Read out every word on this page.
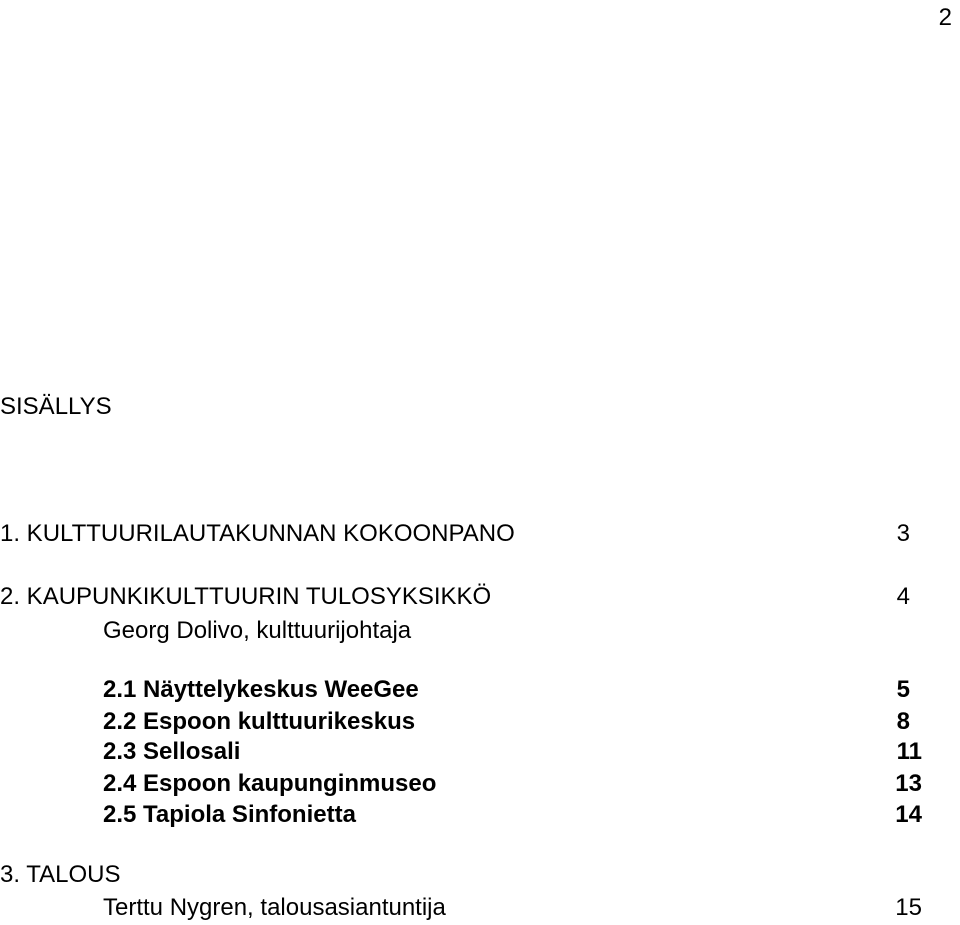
2
SISÄLLYS
1. KULTTUURILAUTAKUNNAN KOKOONPANO	3
2. KAUPUNKIKULTTUURIN TULOSYKSIKKÖ	4
Georg Dolivo, kulttuurijohtaja
2.1 Näyttelykeskus WeeGee	5
2.2 Espoon kulttuurikeskus	8
2.3 Sellosali	11
2.4 Espoon kaupunginmuseo	13
2.5 Tapiola Sinfonietta	14
3. TALOUS
Terttu Nygren, talousasiantuntija	15
